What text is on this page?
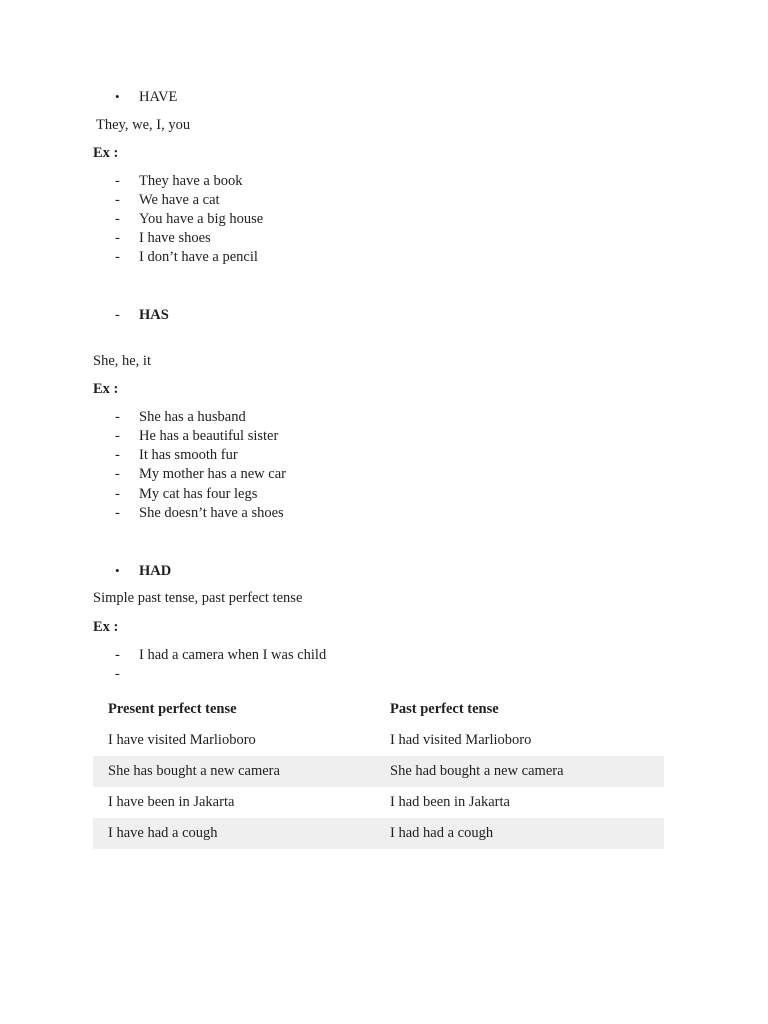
• HAVE
They, we, I, you
Ex :
- They have a book
- We have a cat
- You have a big house
- I have shoes
- I don’t have a pencil
- HAS
She, he, it
Ex :
- She has a husband
- He has a beautiful sister
- It has smooth fur
- My mother has a new car
- My cat has four legs
- She doesn’t have a shoes
• HAD
Simple past tense, past perfect tense
Ex :
- I had a camera when I was child
-
Present perfect tense	Past perfect tense
I have visited Marlioboro	I had visited Marlioboro
She has bought a new camera	She had bought a new camera
I have been in Jakarta	I had been in Jakarta
I have had a cough	I had had a cough
